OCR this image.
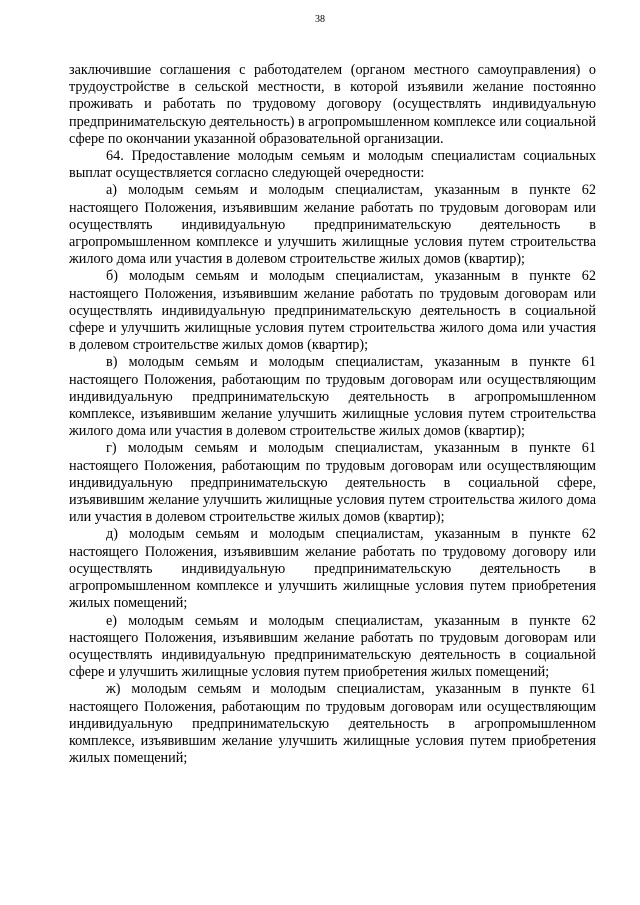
38

заключившие соглашения с работодателем (органом местного самоуправления) о трудоустройстве в сельской местности, в которой изъявили желание постоянно проживать и работать по трудовому договору (осуществлять индивидуальную предпринимательскую деятельность) в агропромышленном комплексе или социальной сфере по окончании указанной образовательной организации.

64. Предоставление молодым семьям и молодым специалистам социальных выплат осуществляется согласно следующей очередности:

а) молодым семьям и молодым специалистам, указанным в пункте 62 настоящего Положения, изъявившим желание работать по трудовым договорам или осуществлять индивидуальную предпринимательскую деятельность в агропромышленном комплексе и улучшить жилищные условия путем строительства жилого дома или участия в долевом строительстве жилых домов (квартир);

б) молодым семьям и молодым специалистам, указанным в пункте 62 настоящего Положения, изъявившим желание работать по трудовым договорам или осуществлять индивидуальную предпринимательскую деятельность в социальной сфере и улучшить жилищные условия путем строительства жилого дома или участия в долевом строительстве жилых домов (квартир);

в) молодым семьям и молодым специалистам, указанным в пункте 61 настоящего Положения, работающим по трудовым договорам или осуществляющим индивидуальную предпринимательскую деятельность в агропромышленном комплексе, изъявившим желание улучшить жилищные условия путем строительства жилого дома или участия в долевом строительстве жилых домов (квартир);

г) молодым семьям и молодым специалистам, указанным в пункте 61 настоящего Положения, работающим по трудовым договорам или осуществляющим индивидуальную предпринимательскую деятельность в социальной сфере, изъявившим желание улучшить жилищные условия путем строительства жилого дома или участия в долевом строительстве жилых домов (квартир);

д) молодым семьям и молодым специалистам, указанным в пункте 62 настоящего Положения, изъявившим желание работать по трудовому договору или осуществлять индивидуальную предпринимательскую деятельность в агропромышленном комплексе и улучшить жилищные условия путем приобретения жилых помещений;

е) молодым семьям и молодым специалистам, указанным в пункте 62 настоящего Положения, изъявившим желание работать по трудовым договорам или осуществлять индивидуальную предпринимательскую деятельность в социальной сфере и улучшить жилищные условия путем приобретения жилых помещений;

ж) молодым семьям и молодым специалистам, указанным в пункте 61 настоящего Положения, работающим по трудовым договорам или осуществляющим индивидуальную предпринимательскую деятельность в агропромышленном комплексе, изъявившим желание улучшить жилищные условия путем приобретения жилых помещений;
